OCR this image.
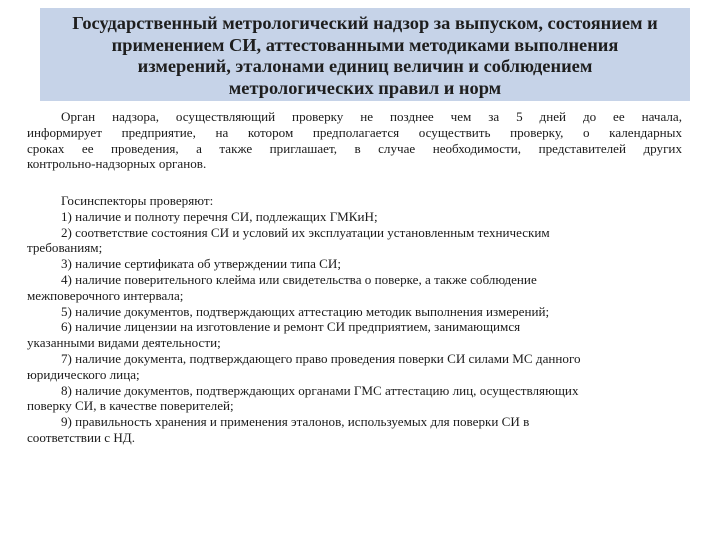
Государственный метрологический надзор за выпуском, состоянием и
применением СИ, аттестованными методиками выполнения
измерений, эталонами единиц величин и соблюдением
метрологических правил и норм
Орган надзора, осуществляющий проверку не позднее чем за 5 дней до ее начала,
информирует предприятие, на котором предполагается осуществить проверку, о календарных
сроках ее проведения, а также приглашает, в случае необходимости, представителей других
контрольно-надзорных органов.
Госинспекторы проверяют:
1) наличие и полноту перечня СИ, подлежащих ГМКиН;
2) соответствие состояния СИ и условий их эксплуатации установленным техническим
требованиям;
3) наличие сертификата об утверждении типа СИ;
4) наличие поверительного клейма или свидетельства о поверке, а также соблюдение
межповерочного интервала;
5) наличие документов, подтверждающих аттестацию методик выполнения измерений;
6) наличие лицензии на изготовление и ремонт СИ предприятием, занимающимся
указанными видами деятельности;
7) наличие документа, подтверждающего право проведения поверки СИ силами МС данного
юридического лица;
8) наличие документов, подтверждающих органами ГМС аттестацию лиц, осуществляющих
поверку СИ, в качестве поверителей;
9) правильность хранения и применения эталонов, используемых для поверки СИ в
соответствии с НД.
